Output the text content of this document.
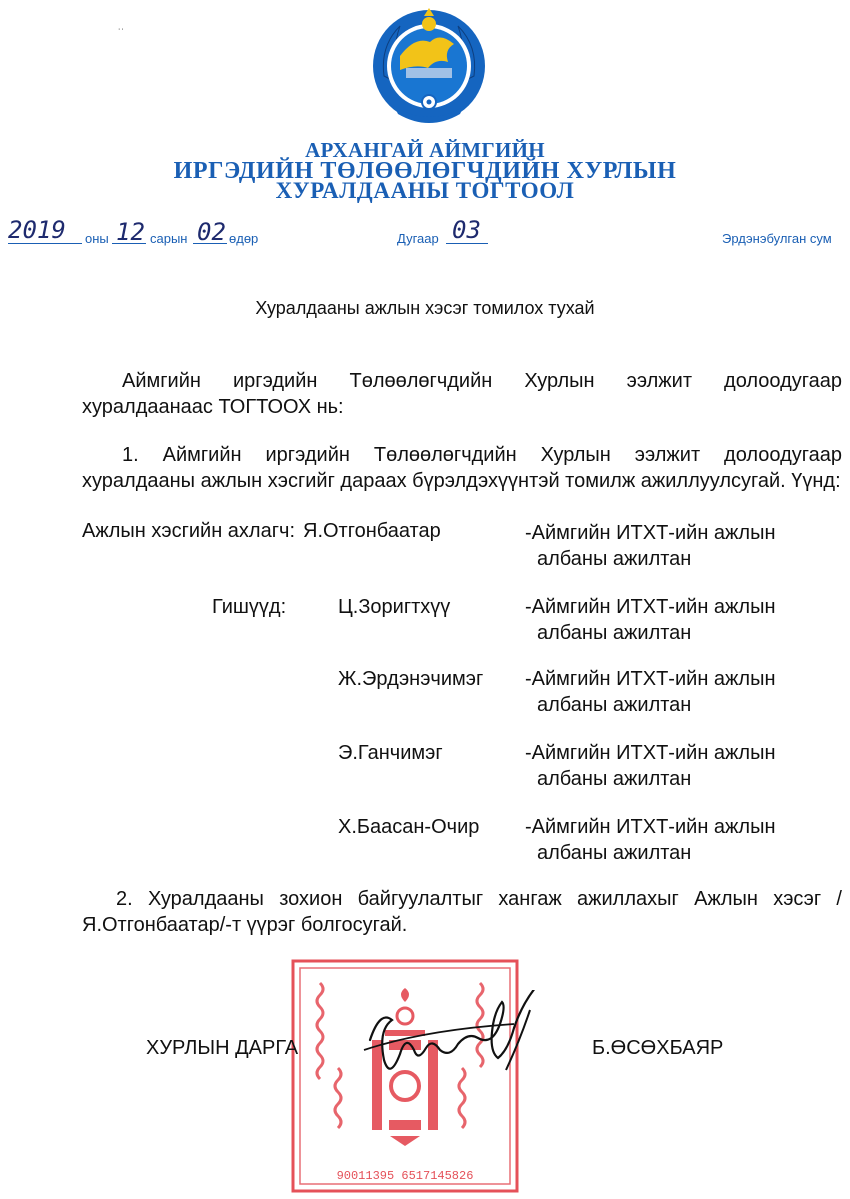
АРХАНГАЙ АЙМГИЙН
ИРГЭДИЙН ТӨЛӨӨЛӨГЧДИЙН ХУРЛЫН
ХУРАЛДААНЫ ТОГТООЛ
2019 оны 12 сарын 02 өдөр	Дугаар 03	Эрдэнэбулган сум
Хуралдааны ажлын хэсэг томилох тухай
Аймгийн иргэдийн Төлөөлөгчдийн Хурлын ээлжит долоодугаар хуралдаанаас ТОГТООХ нь:
1. Аймгийн иргэдийн Төлөөлөгчдийн Хурлын ээлжит долоодугаар хуралдааны ажлын хэсгийг дараах бүрэлдэхүүнтэй томилж ажиллуулсугай. Үүнд:
Ажлын хэсгийн ахлагч: Я.Отгонбаатар	-Аймгийн ИТХТ-ийн ажлын
албаны ажилтан
Гишүүд:	Ц.Зоригтхүү	-Аймгийн ИТХТ-ийн ажлын
албаны ажилтан
Ж.Эрдэнэчимэг -Аймгийн ИТХТ-ийн ажлын
албаны ажилтан
Э.Ганчимэг	-Аймгийн ИТХТ-ийн ажлын
албаны ажилтан
Х.Баасан-Очир -Аймгийн ИТХТ-ийн ажлын
албаны ажилтан
2. Хуралдааны зохион байгуулалтыг хангаж ажиллахыг Ажлын хэсэг /Я.Отгонбаатар/-т үүрэг болгосугай.
90011395 6517145826
ХУРЛЫН ДАРГА	Б.ӨСӨХБАЯР
˙˙
